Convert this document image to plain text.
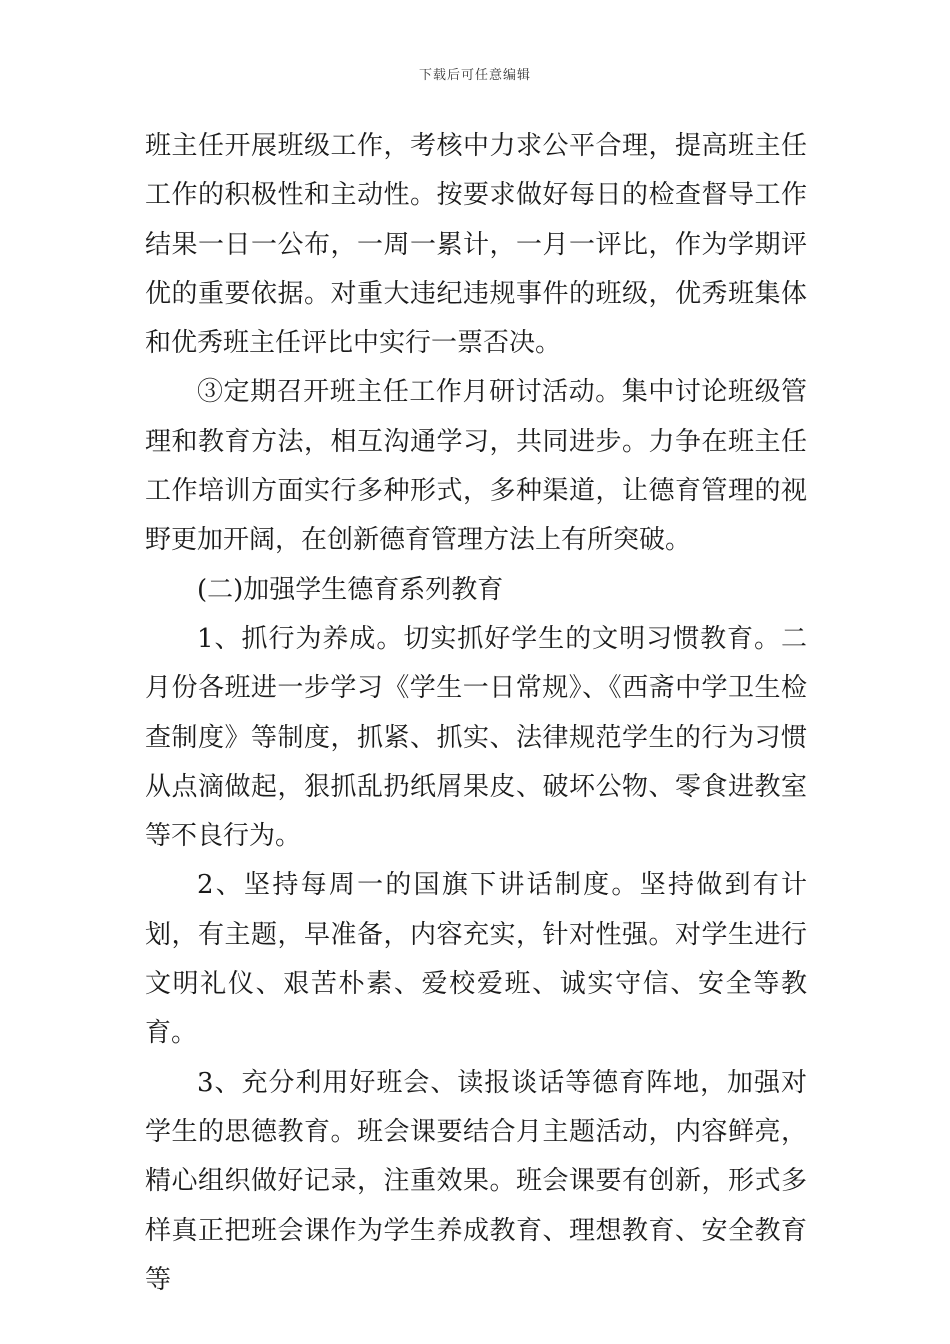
下载后可任意编辑

班主任开展班级工作，考核中力求公平合理，提高班主任工作的积极性和主动性。按要求做好每日的检查督导工作结果一日一公布，一周一累计，一月一评比，作为学期评优的重要依据。对重大违纪违规事件的班级，优秀班集体和优秀班主任评比中实行一票否决。

③定期召开班主任工作月研讨活动。集中讨论班级管理和教育方法，相互沟通学习，共同进步。力争在班主任工作培训方面实行多种形式，多种渠道，让德育管理的视野更加开阔，在创新德育管理方法上有所突破。

(二)加强学生德育系列教育

1、抓行为养成。切实抓好学生的文明习惯教育。二月份各班进一步学习《学生一日常规》、《西斋中学卫生检查制度》等制度，抓紧、抓实、法律规范学生的行为习惯从点滴做起，狠抓乱扔纸屑果皮、破坏公物、零食进教室等不良行为。

2、坚持每周一的国旗下讲话制度。坚持做到有计划，有主题，早准备，内容充实，针对性强。对学生进行文明礼仪、艰苦朴素、爱校爱班、诚实守信、安全等教育。

3、充分利用好班会、读报谈话等德育阵地，加强对学生的思德教育。班会课要结合月主题活动，内容鲜亮，精心组织做好记录，注重效果。班会课要有创新，形式多样真正把班会课作为学生养成教育、理想教育、安全教育等
